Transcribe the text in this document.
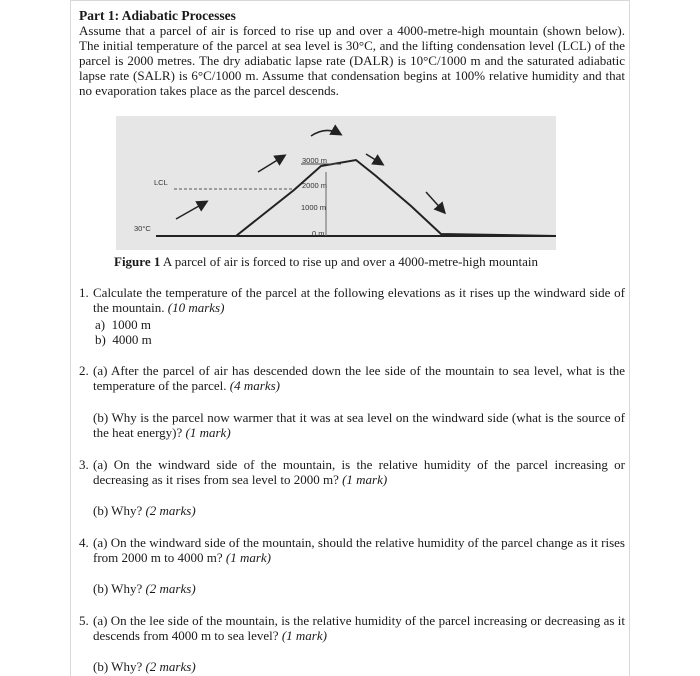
Part 1: Adiabatic Processes
Assume that a parcel of air is forced to rise up and over a 4000-metre-high mountain (shown below). The initial temperature of the parcel at sea level is 30°C, and the lifting condensation level (LCL) of the parcel is 2000 metres. The dry adiabatic lapse rate (DALR) is 10°C/1000 m and the saturated adiabatic lapse rate (SALR) is 6°C/1000 m. Assume that condensation begins at 100% relative humidity and that no evaporation takes place as the parcel descends.
LCL
30°C
3000 m
2000 m
1000 m
0 m
Figure 1 A parcel of air is forced to rise up and over a 4000-metre-high mountain
1. Calculate the temperature of the parcel at the following elevations as it rises up the windward side of the mountain. (10 marks)
a) 1000 m
b) 4000 m
2. (a) After the parcel of air has descended down the lee side of the mountain to sea level, what is the temperature of the parcel. (4 marks)
(b) Why is the parcel now warmer that it was at sea level on the windward side (what is the source of the heat energy)? (1 mark)
3. (a) On the windward side of the mountain, is the relative humidity of the parcel increasing or decreasing as it rises from sea level to 2000 m? (1 mark)
(b) Why? (2 marks)
4. (a) On the windward side of the mountain, should the relative humidity of the parcel change as it rises from 2000 m to 4000 m? (1 mark)
(b) Why? (2 marks)
5. (a) On the lee side of the mountain, is the relative humidity of the parcel increasing or decreasing as it descends from 4000 m to sea level? (1 mark)
(b) Why? (2 marks)
